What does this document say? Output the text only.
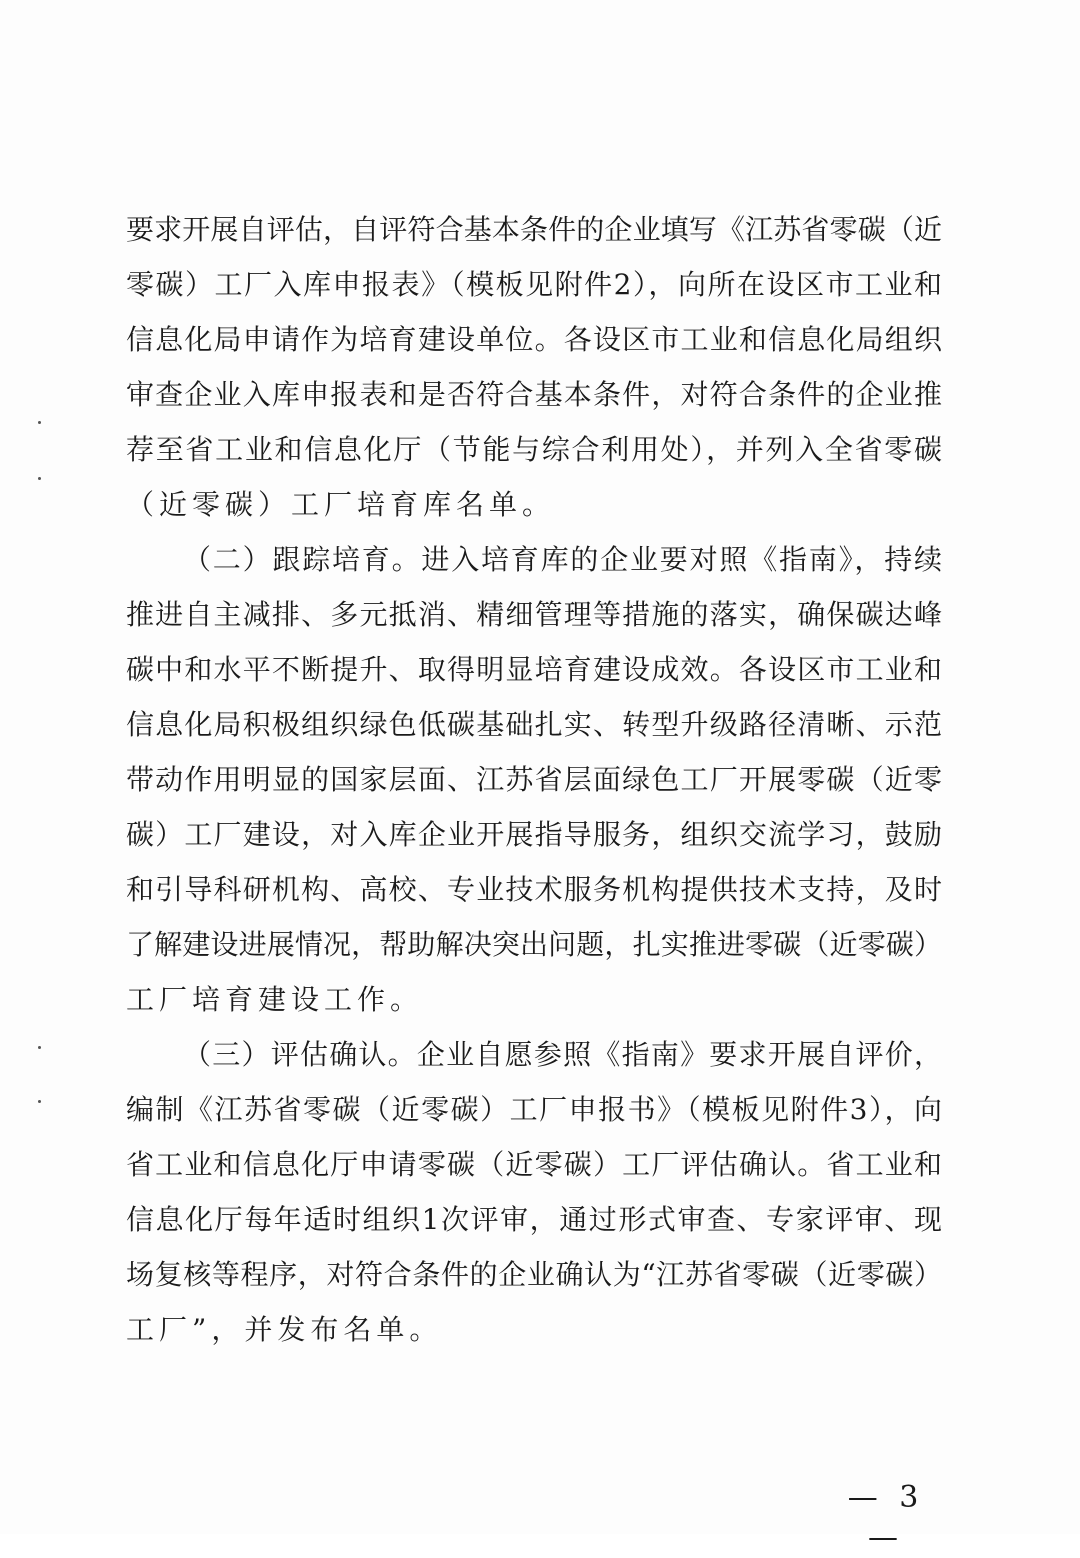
要求开展自评估，自评符合基本条件的企业填写《江苏省零碳（近
零碳）工厂入库申报表》（模板见附件2），向所在设区市工业和
信息化局申请作为培育建设单位。各设区市工业和信息化局组织
审查企业入库申报表和是否符合基本条件，对符合条件的企业推
荐至省工业和信息化厅（节能与综合利用处），并列入全省零碳
（近零碳）工厂培育库名单。
（二）跟踪培育。进入培育库的企业要对照《指南》，持续
推进自主减排、多元抵消、精细管理等措施的落实，确保碳达峰
碳中和水平不断提升、取得明显培育建设成效。各设区市工业和
信息化局积极组织绿色低碳基础扎实、转型升级路径清晰、示范
带动作用明显的国家层面、江苏省层面绿色工厂开展零碳（近零
碳）工厂建设，对入库企业开展指导服务，组织交流学习，鼓励
和引导科研机构、高校、专业技术服务机构提供技术支持，及时
了解建设进展情况，帮助解决突出问题，扎实推进零碳（近零碳）
工厂培育建设工作。
（三）评估确认。企业自愿参照《指南》要求开展自评价，
编制《江苏省零碳（近零碳）工厂申报书》（模板见附件3），向
省工业和信息化厅申请零碳（近零碳）工厂评估确认。省工业和
信息化厅每年适时组织1次评审，通过形式审查、专家评审、现
场复核等程序，对符合条件的企业确认为“江苏省零碳（近零碳）
工厂”，并发布名单。
— 3 —
